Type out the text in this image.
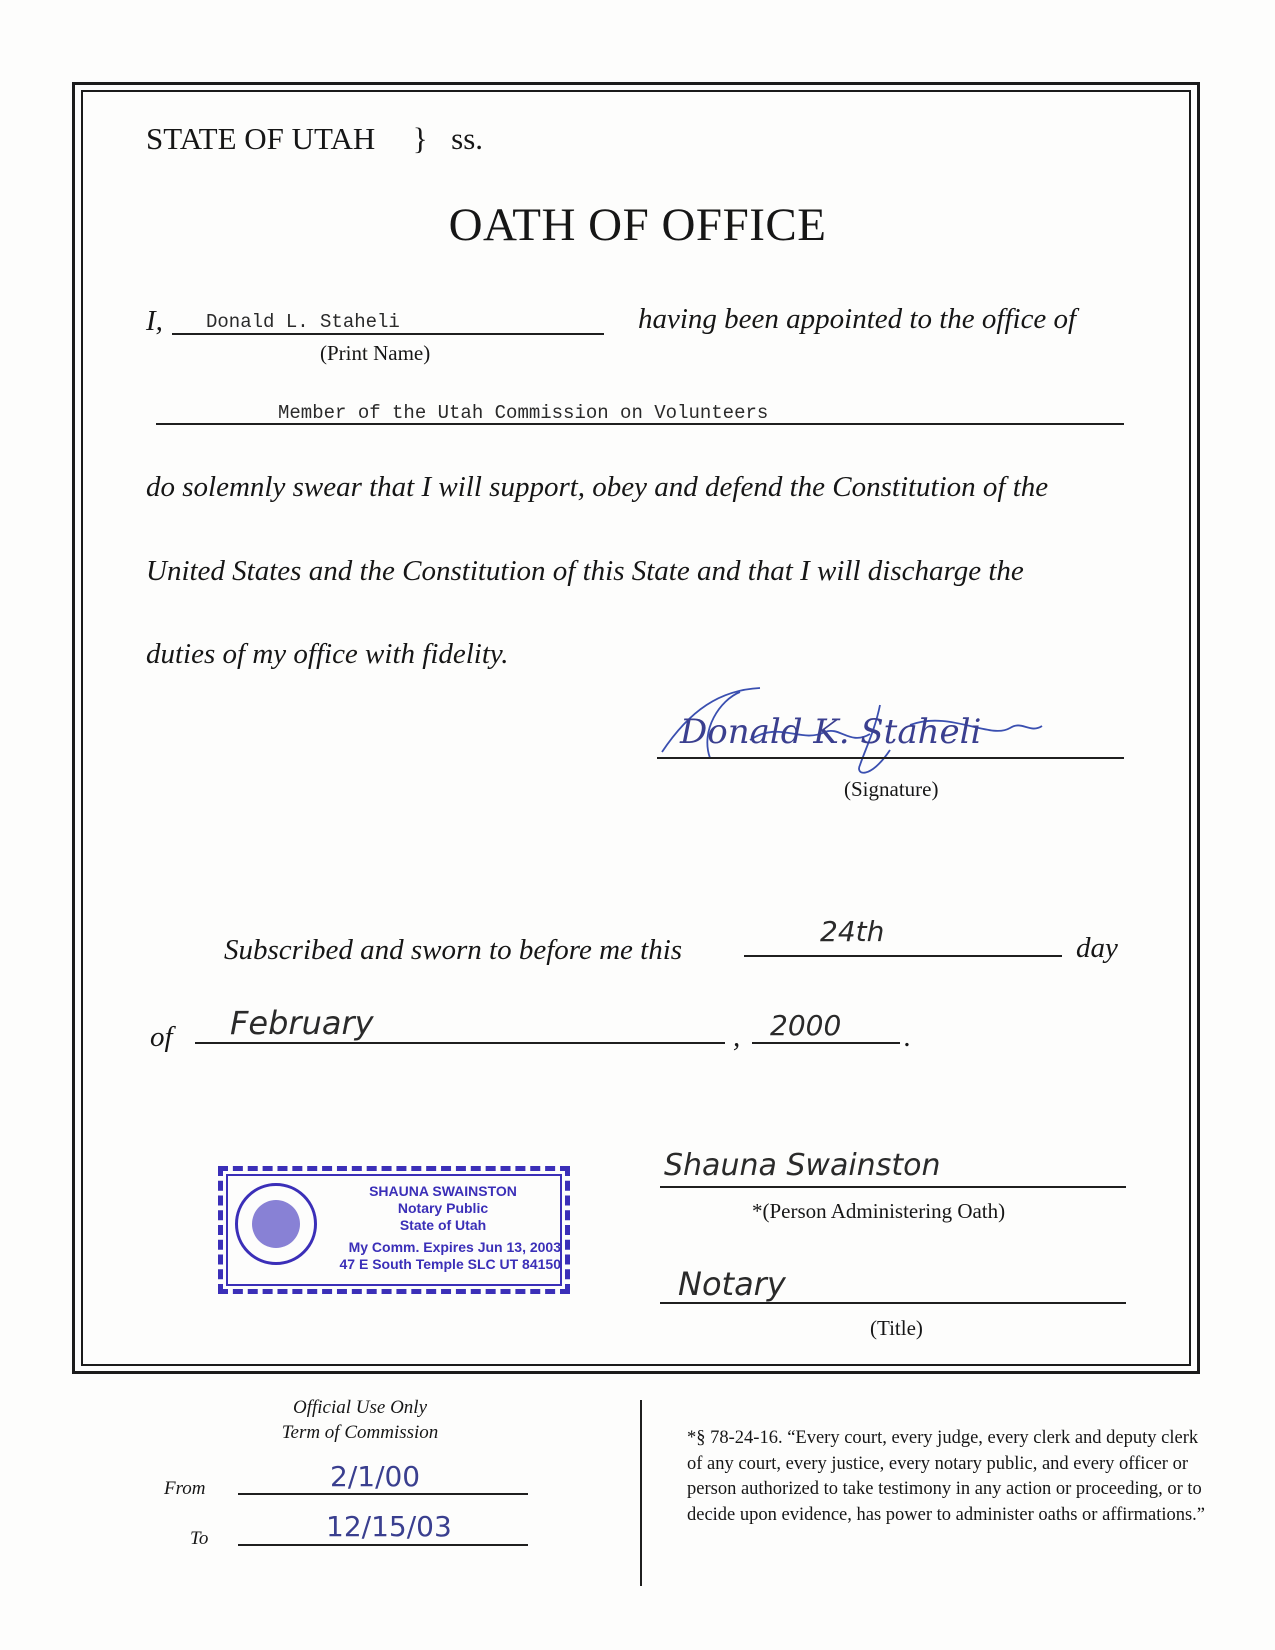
STATE OF UTAH } ss.
OATH OF OFFICE
I, Donald L. Staheli
(Print Name)
having been appointed to the office of
Member of the Utah Commission on Volunteers
do solemnly swear that I will support, obey and defend the Constitution of the
United States and the Constitution of this State and that I will discharge the
duties of my office with fidelity.
Donald K. Staheli
(Signature)
Subscribed and sworn to before me this
24th	day
of February	, 2000 .
SHAUNA SWAINSTON
Notary Public
State of Utah
My Comm. Expires Jun 13, 2003
47 E South Temple SLC UT 84150
Shauna Swainston
*(Person Administering Oath)
Notary
(Title)
Official Use Only
Term of Commission
From	2/1/00
To	12/15/03
*§ 78-24-16. “Every court, every judge, every clerk and deputy clerk of any court, every justice, every notary public, and every officer or person authorized to take testimony in any action or proceeding, or to decide upon evidence, has power to administer oaths or affirmations.”
